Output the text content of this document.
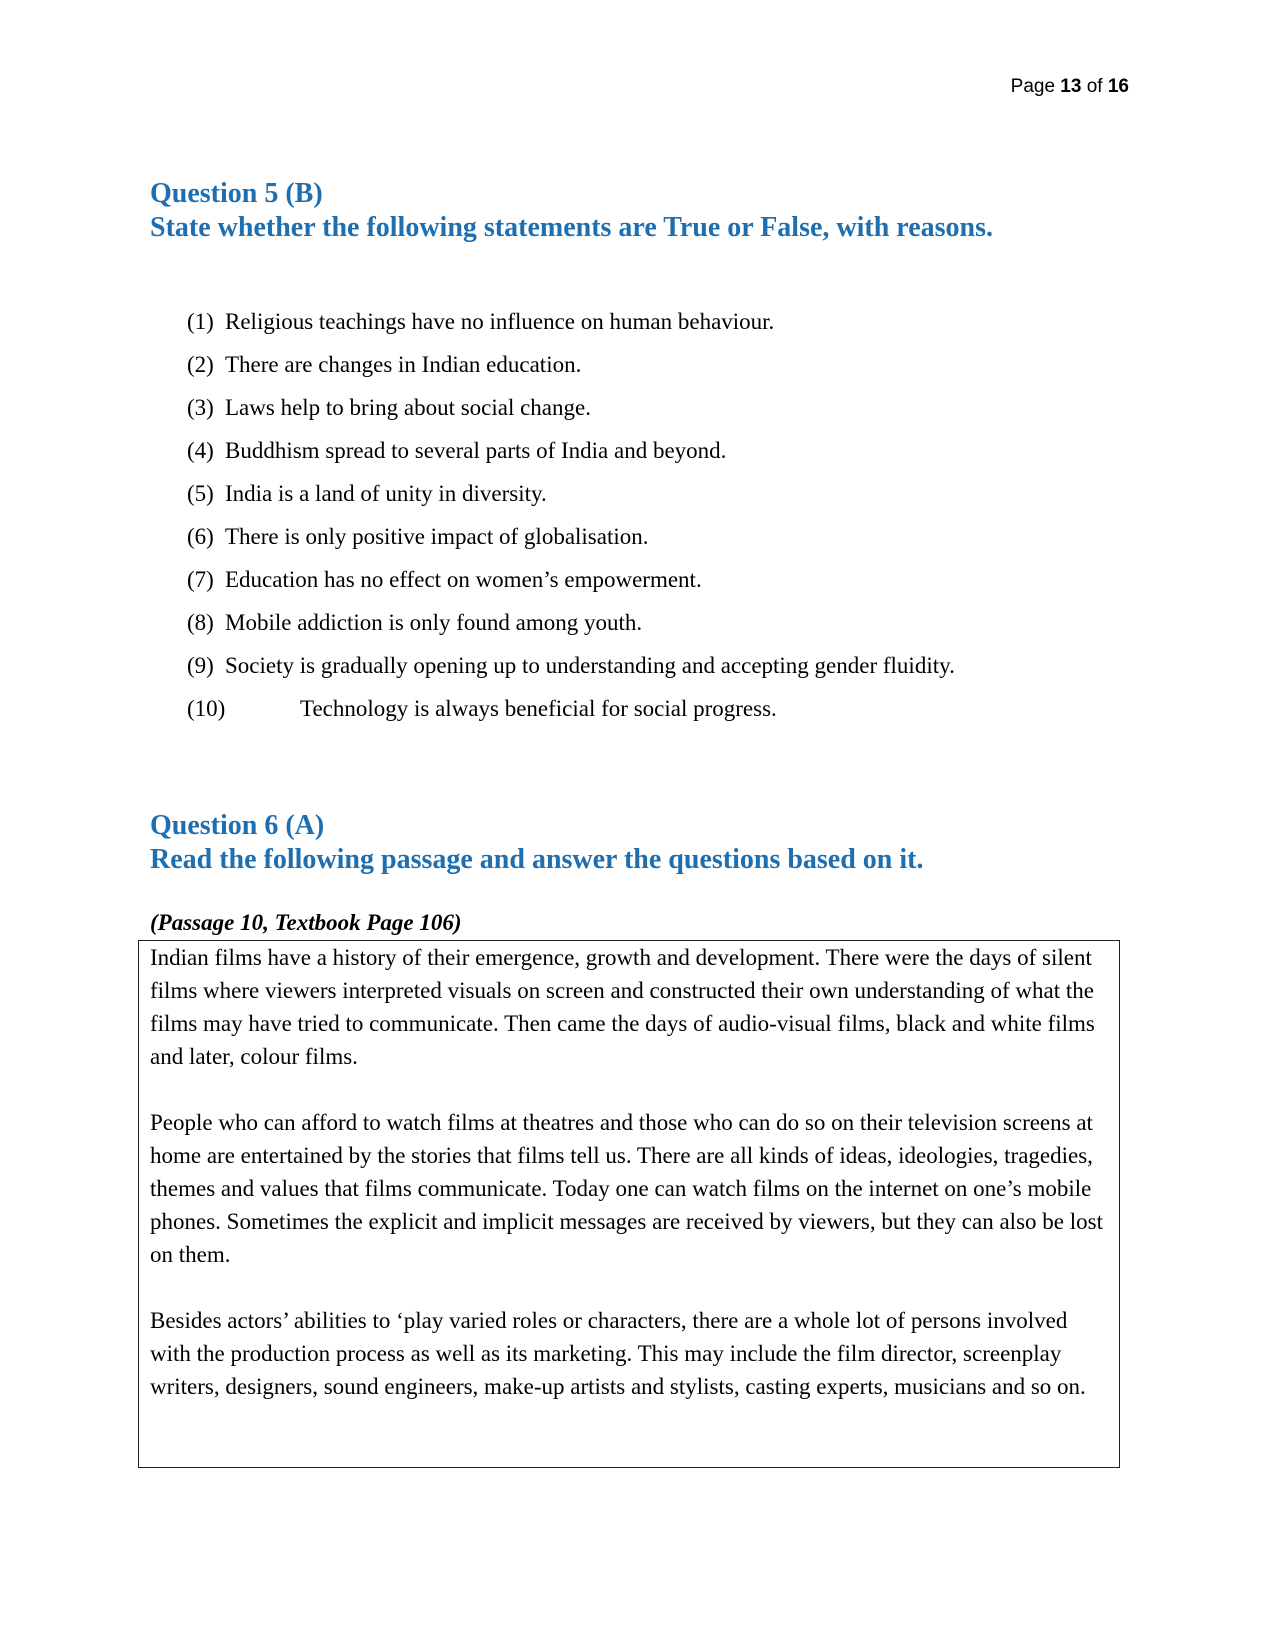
Page 13 of 16
Question 5 (B)
State whether the following statements are True or False, with reasons.
(1) Religious teachings have no influence on human behaviour.
(2) There are changes in Indian education.
(3) Laws help to bring about social change.
(4) Buddhism spread to several parts of India and beyond.
(5) India is a land of unity in diversity.
(6) There is only positive impact of globalisation.
(7) Education has no effect on women’s empowerment.
(8) Mobile addiction is only found among youth.
(9) Society is gradually opening up to understanding and accepting gender fluidity.
(10)	Technology is always beneficial for social progress.
Question 6 (A)
Read the following passage and answer the questions based on it.
(Passage 10, Textbook Page 106)

Indian films have a history of their emergence, growth and development. There were the days of silent films where viewers interpreted visuals on screen and constructed their own understanding of what the films may have tried to communicate. Then came the days of audio-visual films, black and white films and later, colour films.

People who can afford to watch films at theatres and those who can do so on their television screens at home are entertained by the stories that films tell us. There are all kinds of ideas, ideologies, tragedies, themes and values that films communicate. Today one can watch films on the internet on one’s mobile phones. Sometimes the explicit and implicit messages are received by viewers, but they can also be lost on them.

Besides actors’ abilities to ‘play varied roles or characters, there are a whole lot of persons involved with the production process as well as its marketing. This may include the film director, screenplay writers, designers, sound engineers, make-up artists and stylists, casting experts, musicians and so on.
